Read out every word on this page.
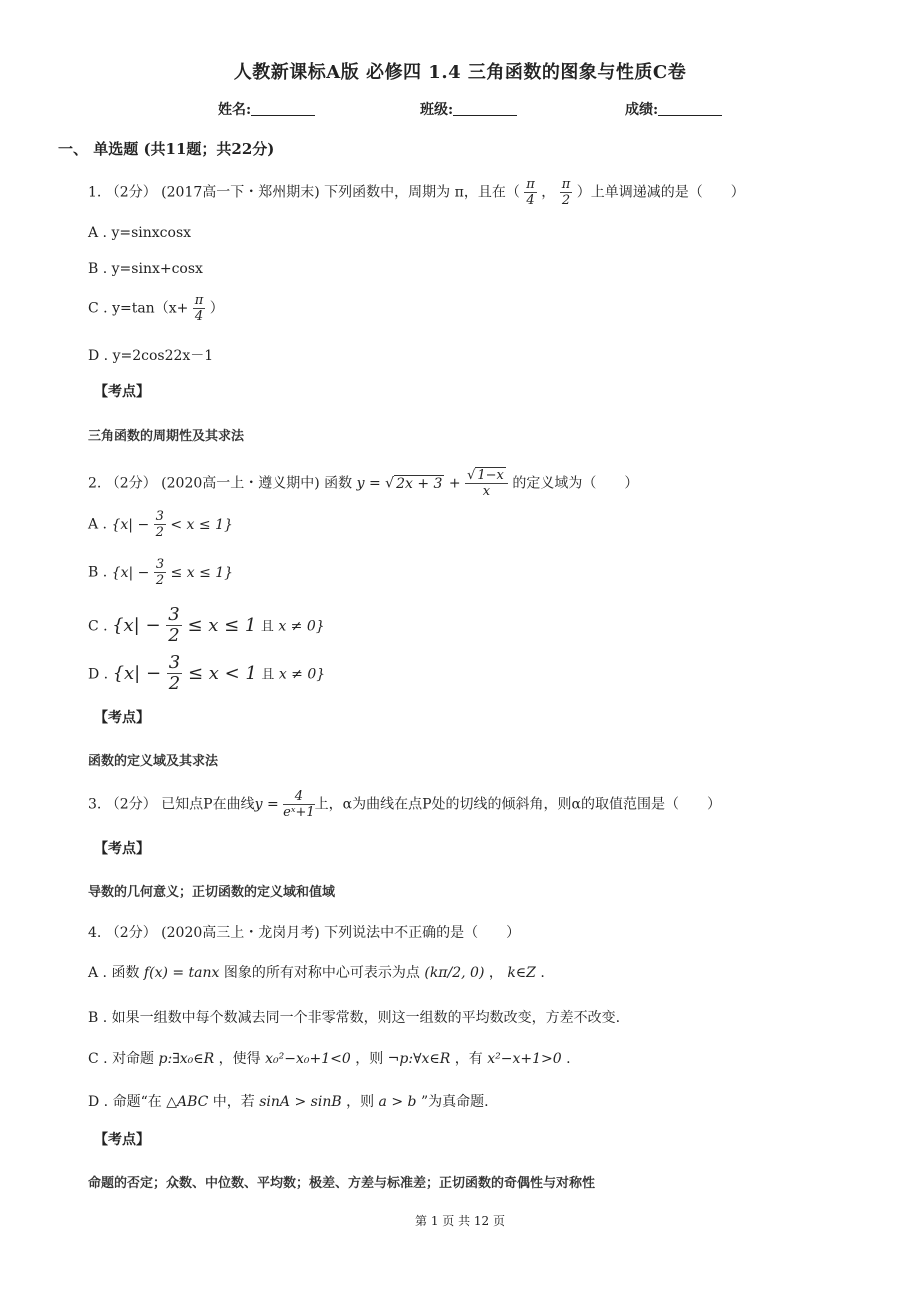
人教新课标A版 必修四 1.4 三角函数的图象与性质C卷
姓名:	班级:	成绩:
一、 单选题 (共11题；共22分)
1. （2分） (2017高一下・郑州期末) 下列函数中，周期为 π，且在（ $\frac{\pi}{4}$ ， $\frac{\pi}{2}$ ）上单调递减的是（　　）
A . y=sinxcosx
B . y=sinx+cosx
C . $y=\tan(x+ \frac{\pi}{4}$ ）
D . y=2cos22x－1
【考点】
三角函数的周期性及其求法
2. （2分） (2020高一上・遵义期中) 函数 y = √ $2x + 3 + \frac{√ 1-x}{x}$ 的定义域为（　　）
A . $\{x| - \frac{3}{2} < x \le 1\}$
B . $\{x| - \frac{3}{2} \le x \le 1\}$
C . {$x| - \frac{3}{2} \le x \le 1$ 且 x ≠ 0}
D . {$x| - \frac{3}{2} \le x < 1$ 且 x ≠ 0}
【考点】
函数的定义域及其求法
3. （2分） 已知点P在曲线$y = \frac{4}{\text{eˣ+1}}$ 上，α为曲线在点P处的切线的倾斜角，则α的取值范围是（　　）
【考点】
导数的几何意义；正切函数的定义域和值域
4. （2分） (2020高三上・龙岗月考) 下列说法中不正确的是（　　）
A . 函数 f(x) = tanx 图象的所有对称中心可表示为点 (kπ/2, 0) ， k∈Z .
B . 如果一组数中每个数减去同一个非零常数，则这一组数的平均数改变，方差不改变.
C . 对命题 p:∃x₀∈R ，使得 x₀²−x₀+1<0 ，则 ¬p:∀x∈R ，有 x²−x+1>0 .
D . 命题“在 △ABC 中，若 sinA > sinB ，则 a > b ”为真命题.
【考点】
命题的否定；众数、中位数、平均数；极差、方差与标准差；正切函数的奇偶性与对称性
第 1 页 共 12 页
